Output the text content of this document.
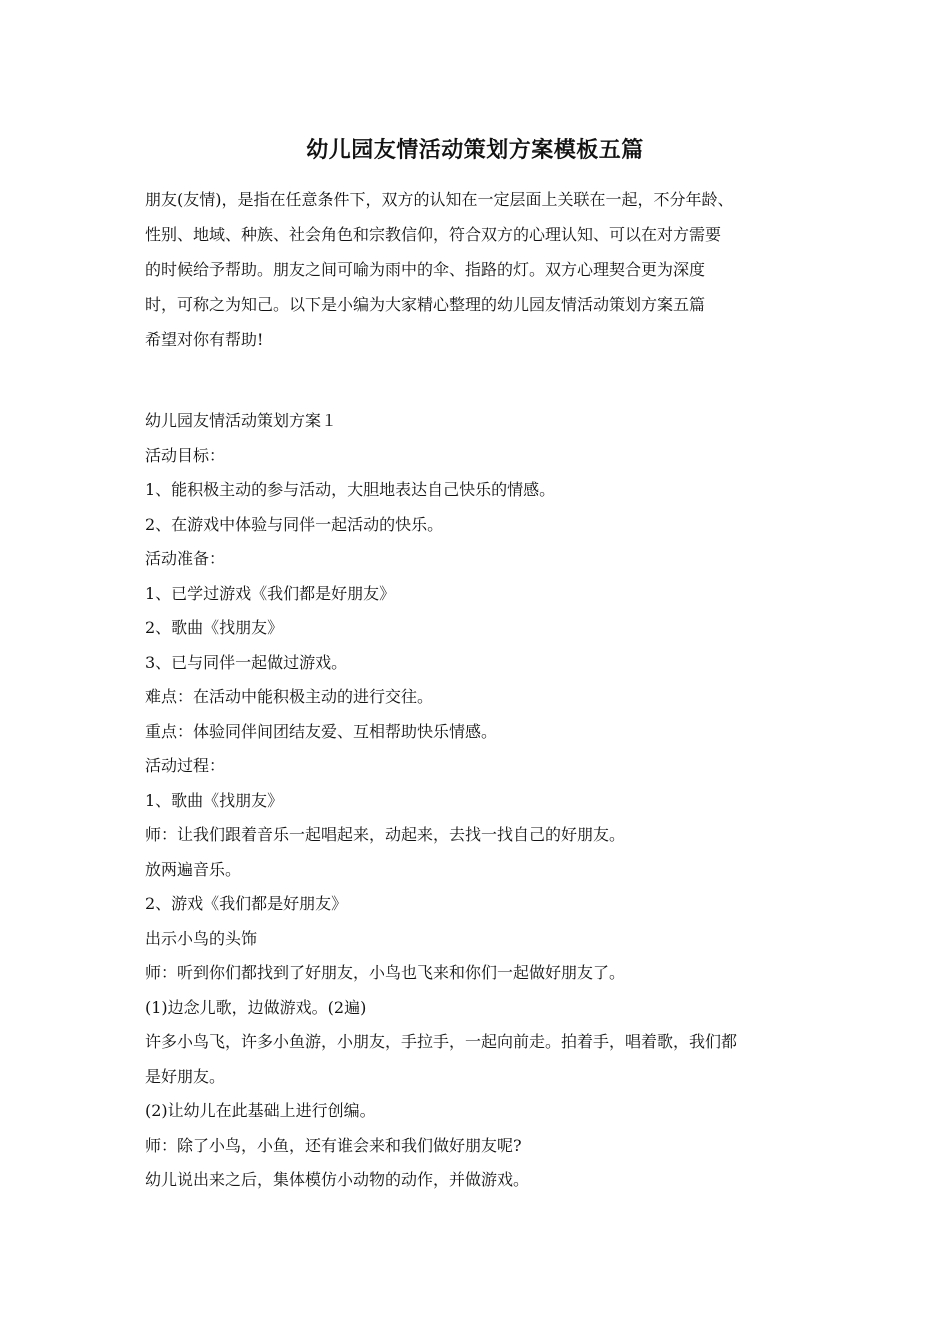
幼儿园友情活动策划方案模板五篇
朋友(友情)，是指在任意条件下，双方的认知在一定层面上关联在一起，不分年龄、
性别、地域、种族、社会角色和宗教信仰，符合双方的心理认知、可以在对方需要
的时候给予帮助。朋友之间可喻为雨中的伞、指路的灯。双方心理契合更为深度
时，可称之为知己。以下是小编为大家精心整理的幼儿园友情活动策划方案五篇
希望对你有帮助!
幼儿园友情活动策划方案１
活动目标：
1、能积极主动的参与活动，大胆地表达自己快乐的情感。
2、在游戏中体验与同伴一起活动的快乐。
活动准备：
1、已学过游戏《我们都是好朋友》
2、歌曲《找朋友》
3、已与同伴一起做过游戏。
难点：在活动中能积极主动的进行交往。
重点：体验同伴间团结友爱、互相帮助快乐情感。
活动过程：
1、歌曲《找朋友》
师：让我们跟着音乐一起唱起来，动起来，去找一找自己的好朋友。
放两遍音乐。
2、游戏《我们都是好朋友》
出示小鸟的头饰
师：听到你们都找到了好朋友，小鸟也飞来和你们一起做好朋友了。
(1)边念儿歌，边做游戏。(2遍)
许多小鸟飞，许多小鱼游，小朋友，手拉手，一起向前走。拍着手，唱着歌，我们都
是好朋友。
(2)让幼儿在此基础上进行创编。
师：除了小鸟，小鱼，还有谁会来和我们做好朋友呢?
幼儿说出来之后，集体模仿小动物的动作，并做游戏。
